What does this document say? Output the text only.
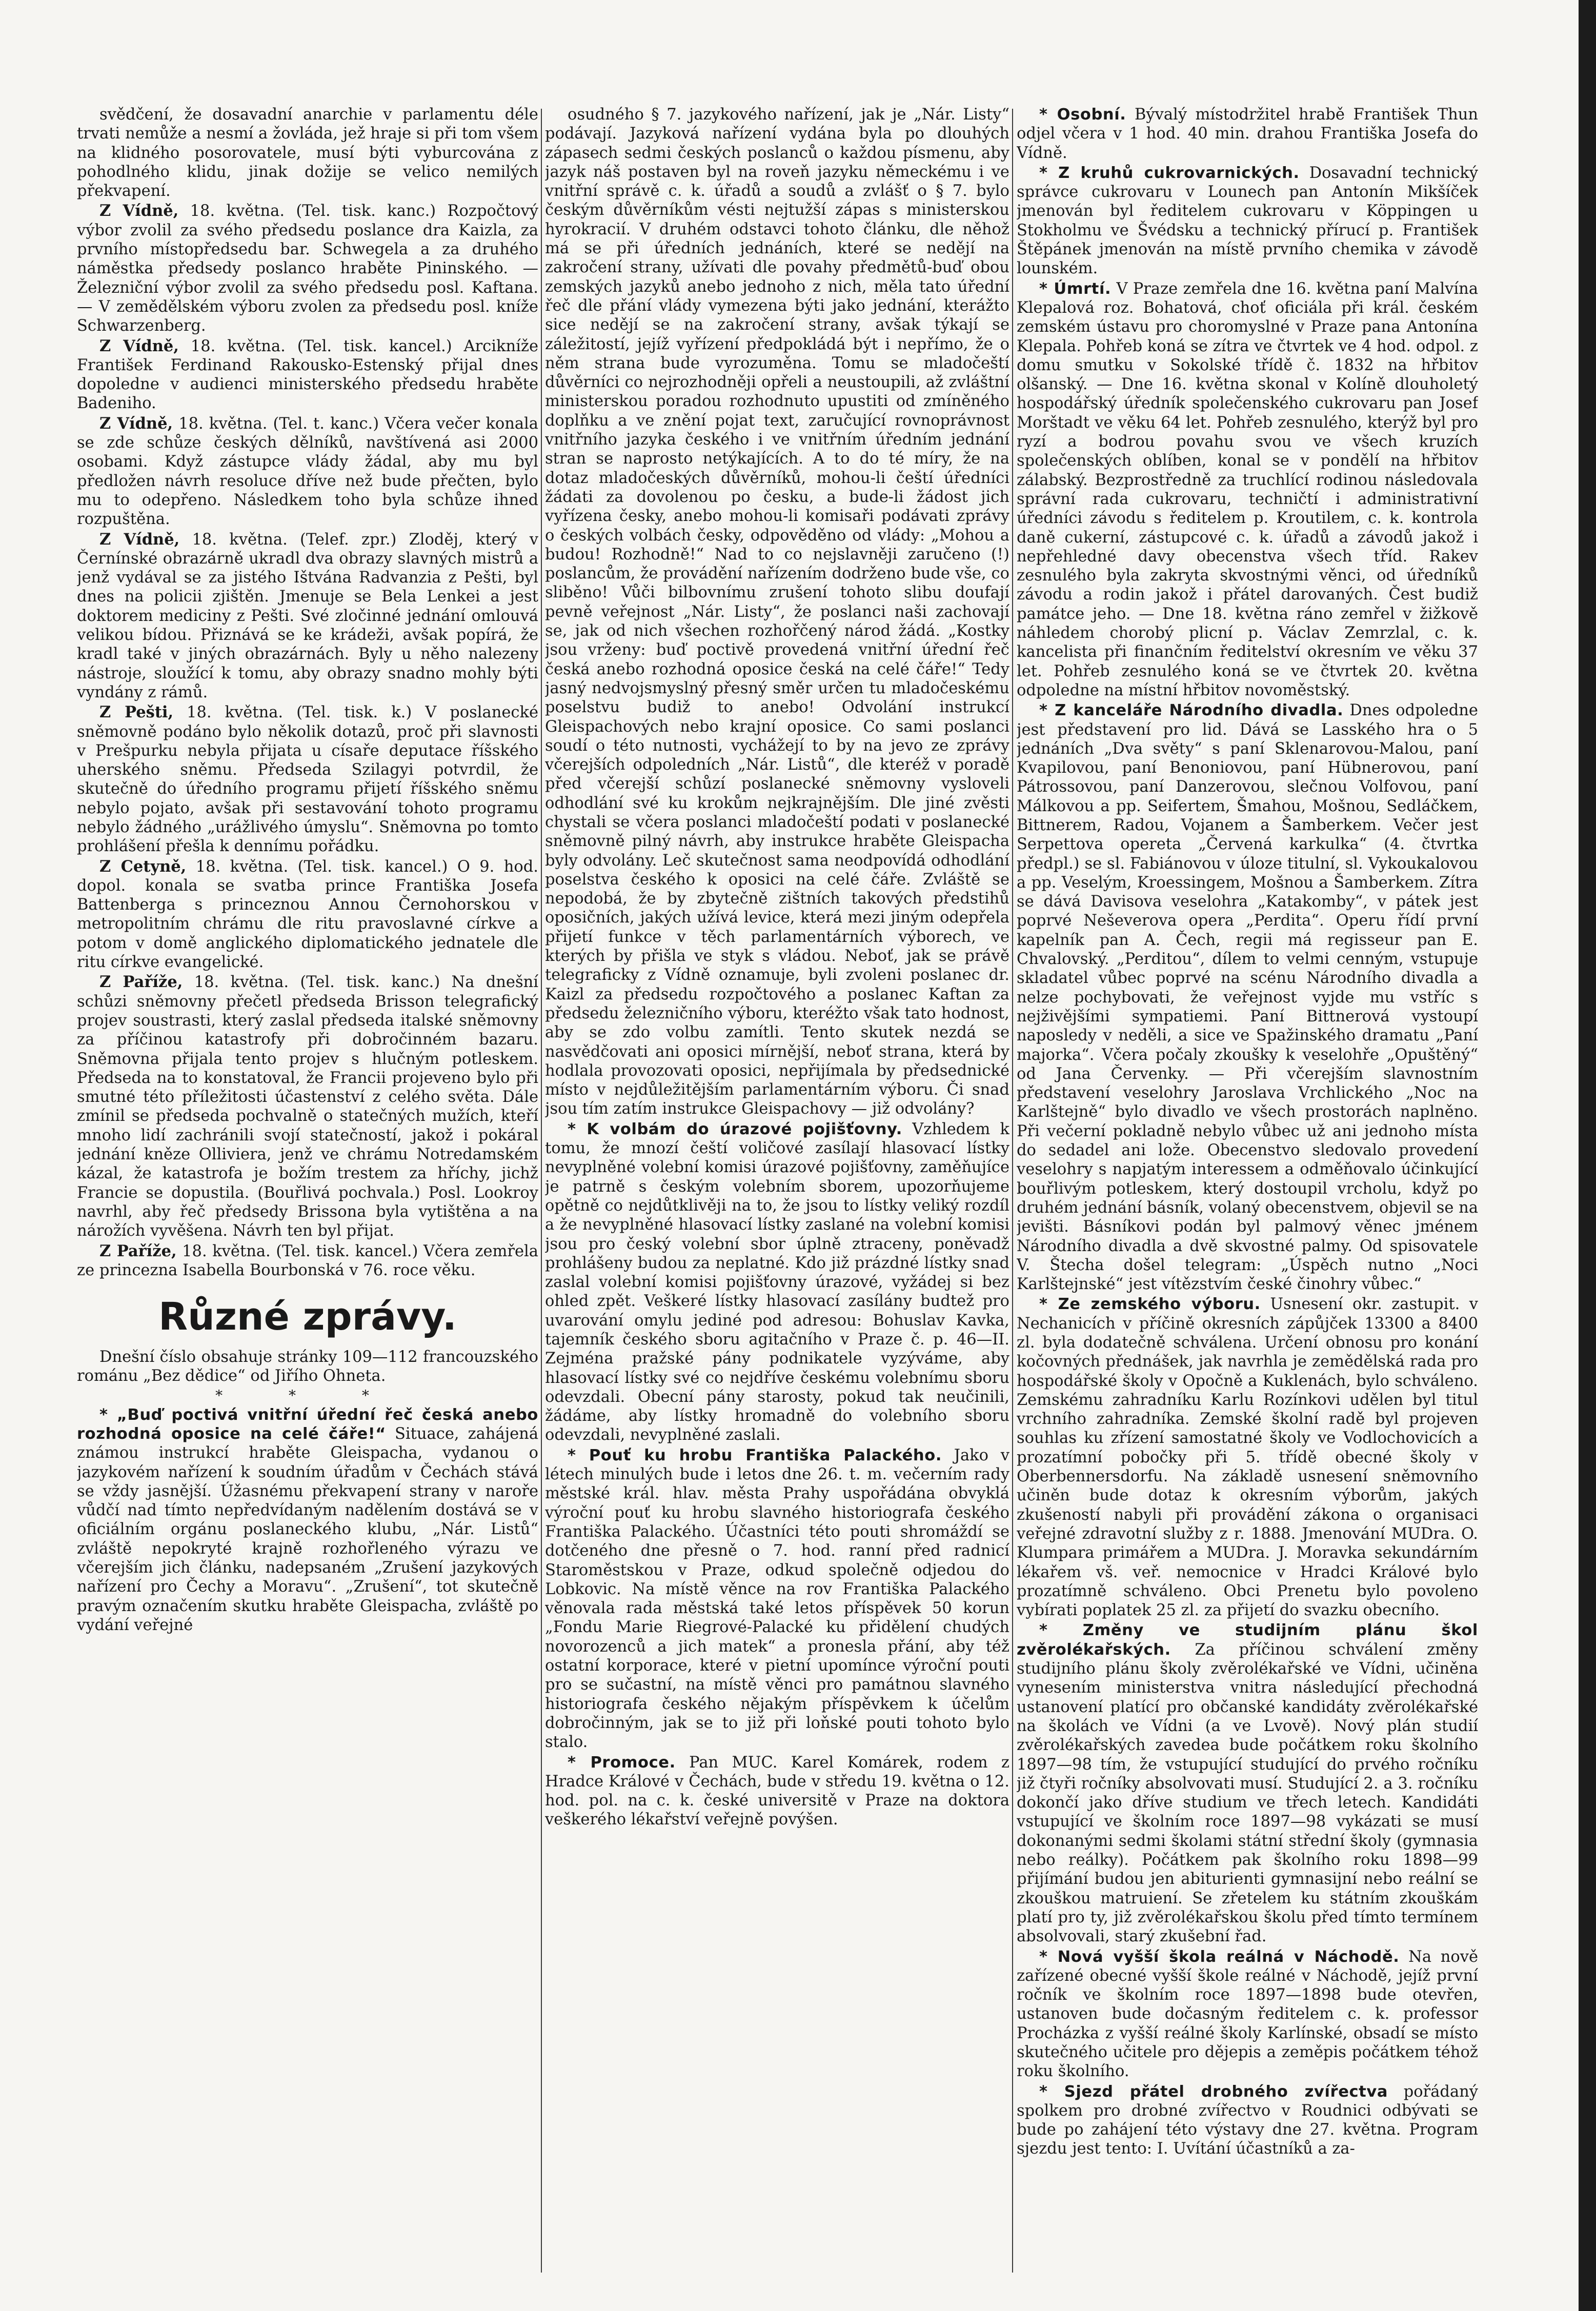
svědčení, že dosavadní anarchie v parlamentu déle trvati nemůže a nesmí a žovláda, jež hraje si při tom všem na klidného posorovatele, musí býti vyburcována z pohodlného klidu, jinak dožije se velico nemilých překvapení.

Z Vídně, 18. května. (Tel. tisk. kanc.) Rozpočtový výbor zvolil za svého předsedu poslance dra Kaizla, za prvního místopředsedu bar. Schwegela a za druhého náměstka předsedy poslanco hraběte Pininského. — Železniční výbor zvolil za svého předsedu posl. Kaftana. — V zemědělském výboru zvolen za předsedu posl. kníže Schwarzenberg.

Z Vídně, 18. května. (Tel. tisk. kancel.) Arcikníže František Ferdinand Rakousko-Estenský přijal dnes dopoledne v audienci ministerského předsedu hraběte Badeniho.

Z Vídně, 18. května. (Tel. t. kanc.) Včera večer konala se zde schůze českých dělníků, navštívená asi 2000 osobami. Když zástupce vlády žádal, aby mu byl předložen návrh resoluce dříve než bude přečten, bylo mu to odepřeno. Následkem toho byla schůze ihned rozpuštěna.

Z Vídně, 18. května. (Telef. zpr.) Zloděj, který v Černínské obrazárně ukradl dva obrazy slavných mistrů a jenž vydával se za jistého Ištvána Radvanzia z Pešti, byl dnes na policii zjištěn. Jmenuje se Bela Lenkei a jest doktorem mediciny z Pešti. Své zločinné jednání omlouvá velikou bídou. Přiznává se ke krádeži, avšak popírá, že kradl také v jiných obrazárnách. Byly u něho nalezeny nástroje, sloužící k tomu, aby obrazy snadno mohly býti vyndány z rámů.

Z Pešti, 18. května. (Tel. tisk. k.) V poslanecké sněmovně podáno bylo několik dotazů, proč při slavnosti v Prešpurku nebyla přijata u císaře deputace říšského uherského sněmu. Předseda Szilagyi potvrdil, že skutečně do úředního programu přijetí říšského sněmu nebylo pojato, avšak při sestavování tohoto programu nebylo žádného „urážlivého úmyslu“. Sněmovna po tomto prohlášení přešla k dennímu pořádku.

Z Cetyně, 18. května. (Tel. tisk. kancel.) O 9. hod. dopol. konala se svatba prince Františka Josefa Battenberga s princeznou Annou Černohorskou v metropolitním chrámu dle ritu pravoslavné církve a potom v domě anglického diplomatického jednatele dle ritu církve evangelické.

Z Paříže, 18. května. (Tel. tisk. kanc.) Na dnešní schůzi sněmovny přečetl předseda Brisson telegrafický projev soustrasti, který zaslal předseda italské sněmovny za příčinou katastrofy při dobročinném bazaru. Sněmovna přijala tento projev s hlučným potleskem. Předseda na to konstatoval, že Francii projeveno bylo při smutné této příležitosti účastenství z celého světa. Dále zmínil se předseda pochvalně o statečných mužích, kteří mnoho lidí zachránili svojí statečností, jakož i pokáral jednání kněze Olliviera, jenž ve chrámu Notredamském kázal, že katastrofa je božím trestem za hříchy, jichž Francie se dopustila. (Bouřlivá pochvala.) Posl. Lookroy navrhl, aby řeč předsedy Brissona byla vytištěna a na nárožích vyvěšena. Návrh ten byl přijat.

Z Paříže, 18. května. (Tel. tisk. kancel.) Včera zemřela ze princezna Isabella Bourbonská v 76. roce věku.

Různé zprávy.

Dnešní číslo obsahuje stránky 109—112 francouzského románu „Bez dědice“ od Jiřího Ohneta.

* * *

* „Buď poctivá vnitřní úřední řeč česká anebo rozhodná oposice na celé čáře!“ Situace, zahájená známou instrukcí hraběte Gleispacha, vydanou o jazykovém nařízení k soudním úřadům v Čechách stává se vždy jasnější. Úžasnému překvapení strany v naroře vůdčí nad tímto nepředvídaným nadělením dostává se v oficiálním orgánu poslaneckého klubu, „Nár. Listů“ zvláště nepokryté krajně rozhořleného výrazu ve včerejším jich článku, nadepsaném „Zrušení jazykových nařízení pro Čechy a Moravu“. „Zrušení“, tot skutečně pravým označením skutku hraběte Gleispacha, zvláště po vydání veřejné

osudného § 7. jazykového nařízení, jak je „Nár. Listy“ podávají. Jazyková nařízení vydána byla po dlouhých zápasech sedmi českých poslanců o každou písmenu, aby jazyk náš postaven byl na roveň jazyku německému i ve vnitřní správě c. k. úřadů a soudů a zvlášť o § 7. bylo českým důvěrníkům vésti nejtužší zápas s ministerskou hyrokracií. V druhém odstavci tohoto článku, dle něhož má se při úředních jednáních, které se nedějí na zakročení strany, užívati dle povahy předmětů-buď obou zemských jazyků anebo jednoho z nich, měla tato úřední řeč dle přání vlády vymezena býti jako jednání, kterážto sice nedějí se na zakročení strany, avšak týkají se záležitostí, jejíž vyřízení předpokládá být i nepřímo, že o něm strana bude vyrozuměna. Tomu se mladočeští důvěrníci co nejrozhodněji opřeli a neustoupili, až zvláštní ministerskou poradou rozhodnuto upustiti od zmíněného doplňku a ve znění pojat text, zaručující rovnoprávnost vnitřního jazyka českého i ve vnitřním úředním jednání stran se naprosto netýkajících. A to do té míry, že na dotaz mladočeských důvěrníků, mohou-li čeští úředníci žádati za dovolenou po česku, a bude-li žádost jich vyřízena česky, anebo mohou-li komisaři podávati zprávy o českých volbách česky, odpověděno od vlády: „Mohou a budou! Rozhodně!“ Nad to co nejslavněji zaručeno (!) poslancům, že provádění nařízením dodrženo bude vše, co sliběno! Vůči bilbovnímu zrušení tohoto slibu doufají pevně veřejnost „Nár. Listy“, že poslanci naši zachovají se, jak od nich všechen rozhořčený národ žádá. „Kostky jsou vrženy: buď poctivě provedená vnitřní úřední řeč česká anebo rozhodná oposice česká na celé čáře!“ Tedy jasný nedvojsmyslný přesný směr určen tu mladočeskému poselstvu budiž to anebo! Odvolání instrukcí Gleispachových nebo krajní oposice. Co sami poslanci soudí o této nutnosti, vychážejí to by na jevo ze zprávy včerejších odpoledních „Nár. Listů“, dle kteréž v poradě před včerejší schůzí poslanecké sněmovny vysloveli odhodlání své ku krokům nejkrajnějším. Dle jiné zvěsti chystali se včera poslanci mladočeští podati v poslanecké sněmovně pilný návrh, aby instrukce hraběte Gleispacha byly odvolány. Leč skutečnost sama neodpovídá odhodlání poselstva českého k oposici na celé čáře. Zvláště se nepodobá, že by zbytečně zištních takových předstihů oposičních, jakých užívá levice, která mezi jiným odepřela přijetí funkce v těch parlamentárních výborech, ve kterých by přišla ve styk s vládou. Neboť, jak se právě telegraficky z Vídně oznamuje, byli zvoleni poslanec dr. Kaizl za předsedu rozpočtového a poslanec Kaftan za předsedu železničního výboru, kteréžto však tato hodnost, aby se zdo volbu zamítli. Tento skutek nezdá se nasvědčovati ani oposici mírnější, neboť strana, která by hodlala provozovati oposici, nepřijímala by předsednické místo v nejdůležitějším parlamentárním výboru. Či snad jsou tím zatím instrukce Gleispachovy — již odvolány?

* K volbám do úrazové pojišťovny. Vzhledem k tomu, že mnozí čeští voličové zasílají hlasovací lístky nevyplněné volební komisi úrazové pojišťovny, zaměňujíce je patrně s českým volebním sborem, upozorňujeme opětně co nejdůtklivěji na to, že jsou to lístky veliký rozdíl a že nevyplněné hlasovací lístky zaslané na volební komisi jsou pro český volební sbor úplně ztraceny, poněvadž prohlášeny budou za neplatné. Kdo již prázdné lístky snad zaslal volební komisi pojišťovny úrazové, vyžádej si bez ohled zpět. Veškeré lístky hlasovací zasílány budtež pro uvarování omylu jediné pod adresou: Bohuslav Kavka, tajemník českého sboru agitačního v Praze č. p. 46—II. Zejména pražské pány podnikatele vyzýváme, aby hlasovací lístky své co nejdříve českému volebnímu sboru odevzdali. Obecní pány starosty, pokud tak neučinili, žádáme, aby lístky hromadně do volebního sboru odevzdali, nevyplněné zaslali.

* Pouť ku hrobu Františka Palackého. Jako v létech minulých bude i letos dne 26. t. m. večerním rady městské král. hlav. města Prahy uspořádána obvyklá výroční pouť ku hrobu slavného historiografa českého Františka Palackého. Účastníci této pouti shromáždí se dotčeného dne přesně o 7. hod. ranní před radnicí Staroměstskou v Praze, odkud společně odjedou do Lobkovic. Na místě věnce na rov Františka Palackého věnovala rada městská také letos příspěvek 50 korun „Fondu Marie Riegrové-Palacké ku přidělení chudých novorozenců a jich matek“ a pronesla přání, aby též ostatní korporace, které v pietní upomínce výroční pouti pro se sučastní, na místě věnci pro památnou slavného historiografa českého nějakým příspěvkem k účelům dobročinným, jak se to již při loňské pouti tohoto bylo stalo.

* Promoce. Pan MUC. Karel Komárek, rodem z Hradce Králové v Čechách, bude v středu 19. května o 12. hod. pol. na c. k. české universitě v Praze na doktora veškerého lékařství veřejně povýšen.

* Osobní. Bývalý místodržitel hrabě František Thun odjel včera v 1 hod. 40 min. drahou Františka Josefa do Vídně.

* Z kruhů cukrovarnických. Dosavadní technický správce cukrovaru v Lounech pan Antonín Mikšíček jmenován byl ředitelem cukrovaru v Köppingen u Stokholmu ve Švédsku a technický přírucí p. František Štěpánek jmenován na místě prvního chemika v závodě lounském.

* Úmrtí. V Praze zemřela dne 16. května paní Malvína Klepalová roz. Bohatová, choť oficiála při král. českém zemském ústavu pro choromyslné v Praze pana Antonína Klepala. Pohřeb koná se zítra ve čtvrtek ve 4 hod. odpol. z domu smutku v Sokolské třídě č. 1832 na hřbitov olšanský. — Dne 16. května skonal v Kolíně dlouholetý hospodářský úředník společenského cukrovaru pan Josef Morštadt ve věku 64 let. Pohřeb zesnulého, kterýž byl pro ryzí a bodrou povahu svou ve všech kruzích společenských oblíben, konal se v pondělí na hřbitov zálabský. Bezprostředně za truchlící rodinou následovala správní rada cukrovaru, techničtí i administrativní úředníci závodu s ředitelem p. Kroutilem, c. k. kontrola daně cukerní, zástupcové c. k. úřadů a závodů jakož i nepřehledné davy obecenstva všech tříd. Rakev zesnulého byla zakryta skvostnými věnci, od úředníků závodu a rodin jakož i přátel darovaných. Čest budiž památce jeho. — Dne 18. května ráno zemřel v žižkově náhledem chorobý plicní p. Václav Zemrzlal, c. k. kancelista při finančním ředitelství okresním ve věku 37 let. Pohřeb zesnulého koná se ve čtvrtek 20. května odpoledne na místní hřbitov novoměstský.

* Z kanceláře Národního divadla. Dnes odpoledne jest představení pro lid. Dává se Lasského hra o 5 jednáních „Dva světy“ s paní Sklenarovou-Malou, paní Kvapilovou, paní Benoniovou, paní Hübnerovou, paní Pátrossovou, paní Danzerovou, slečnou Volfovou, paní Málkovou a pp. Seifertem, Šmahou, Mošnou, Sedláčkem, Bittnerem, Radou, Vojanem a Šamberkem. Večer jest Serpettova opereta „Červená karkulka“ (4. čtvrtka předpl.) se sl. Fabiánovou v úloze titulní, sl. Vykoukalovou a pp. Veselým, Kroessingem, Mošnou a Šamberkem. Zítra se dává Davisova veselohra „Katakomby“, v pátek jest poprvé Neševerova opera „Perdita“. Operu řídí první kapelník pan A. Čech, regii má regisseur pan E. Chvalovský. „Perditou“, dílem to velmi cenným, vstupuje skladatel vůbec poprvé na scénu Národního divadla a nelze pochybovati, že veřejnost vyjde mu vstříc s nejživějšími sympatiemi. Paní Bittnerová vystoupí naposledy v neděli, a sice ve Spažinského dramatu „Paní majorka“. Včera počaly zkoušky k veselohře „Opuštěný“ od Jana Červenky. — Při včerejším slavnostním představení veselohry Jaroslava Vrchlického „Noc na Karlštejně“ bylo divadlo ve všech prostorách naplněno. Při večerní pokladně nebylo vůbec už ani jednoho místa do sedadel ani lože. Obecenstvo sledovalo provedení veselohry s napjatým interessem a odměňovalo účinkující bouřlivým potleskem, který dostoupil vrcholu, když po druhém jednání básník, volaný obecenstvem, objevil se na jevišti. Básníkovi podán byl palmový věnec jménem Národního divadla a dvě skvostné palmy. Od spisovatele V. Štecha došel telegram: „Úspěch nutno „Noci Karlštejnské“ jest vítězstvím české činohry vůbec.“

* Ze zemského výboru. Usnesení okr. zastupit. v Nechanicích v příčině okresních zápůjček 13300 a 8400 zl. byla dodatečně schválena. Určení obnosu pro konání kočovných přednášek, jak navrhla je zemědělská rada pro hospodářské školy v Opočně a Kuklenách, bylo schváleno. Zemskému zahradníku Karlu Rozínkovi udělen byl titul vrchního zahradníka. Zemské školní radě byl projeven souhlas ku zřízení samostatné školy ve Vodlochovicích a prozatímní pobočky při 5. třídě obecné školy v Oberbennersdorfu. Na základě usnesení sněmovního učiněn bude dotaz k okresním výborům, jakých zkušeností nabyli při provádění zákona o organisaci veřejné zdravotní služby z r. 1888. Jmenování MUDra. O. Klumpara primářem a MUDra. J. Moravka sekundárním lékařem vš. veř. nemocnice v Hradci Králové bylo prozatímně schváleno. Obci Prenetu bylo povoleno vybírati poplatek 25 zl. za přijetí do svazku obecního.

* Změny ve studijním plánu škol zvěrolékařských. Za příčinou schválení změny studijního plánu školy zvěrolékařské ve Vídni, učiněna vynesením ministerstva vnitra následující přechodná ustanovení platící pro občanské kandidáty zvěrolékařské na školách ve Vídni (a ve Lvově). Nový plán studií zvěrolékařských zavedea bude počátkem roku školního 1897—98 tím, že vstupující studující do prvého ročníku již čtyři ročníky absolvovati musí. Studující 2. a 3. ročníku dokončí jako dříve studium ve třech letech. Kandidáti vstupující ve školním roce 1897—98 vykázati se musí dokonanými sedmi školami státní střední školy (gymnasia nebo reálky). Počátkem pak školního roku 1898—99 přijímání budou jen abiturienti gymnasijní nebo reální se zkouškou matruiení. Se zřetelem ku státním zkouškám platí pro ty, již zvěrolékařskou školu před tímto termínem absolvovali, starý zkušební řad.

* Nová vyšší škola reálná v Náchodě. Na nově zařízené obecné vyšší škole reálné v Náchodě, jejíž první ročník ve školním roce 1897—1898 bude otevřen, ustanoven bude dočasným ředitelem c. k. professor Procházka z vyšší reálné školy Karlínské, obsadí se místo skutečného učitele pro dějepis a zeměpis počátkem téhož roku školního.

* Sjezd přátel drobného zvířectva pořádaný spolkem pro drobné zvířectvo v Roudnici odbývati se bude po zahájení této výstavy dne 27. května. Program sjezdu jest tento: I. Uvítání účastníků a za-
